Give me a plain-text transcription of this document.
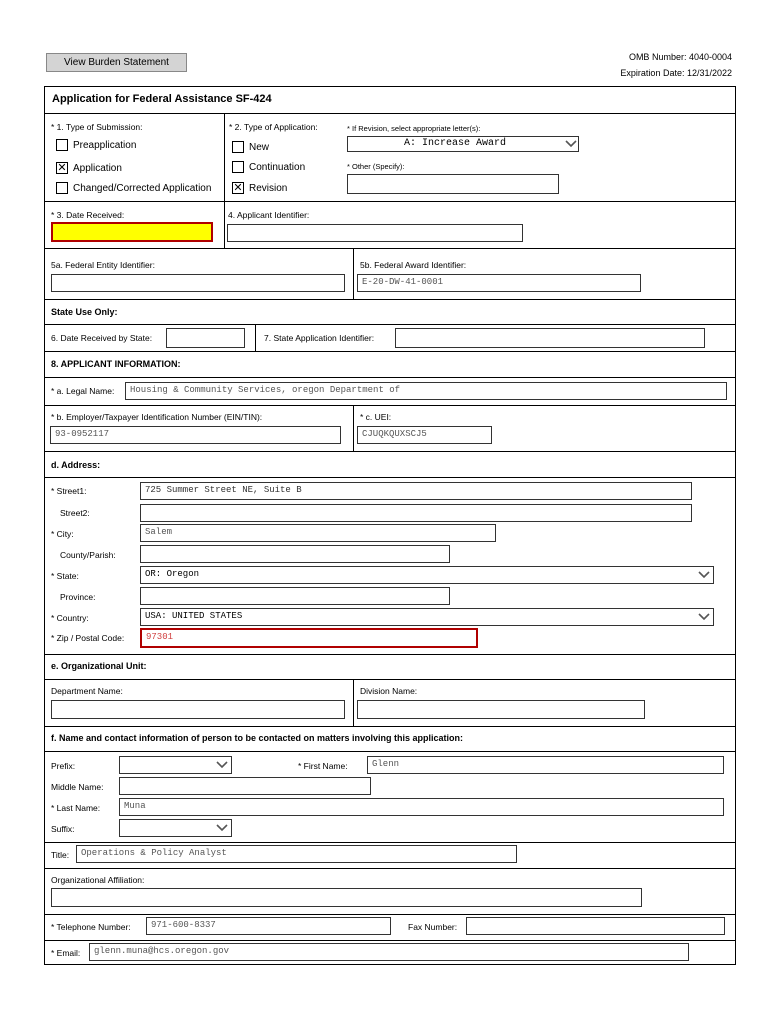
View Burden Statement	OMB Number: 4040-0004
Expiration Date: 12/31/2022
Application for Federal Assistance SF-424
* 1. Type of Submission:
Preapplication
✕ Application
Changed/Corrected Application
* 2. Type of Application:
New
Continuation
✕ Revision
* If Revision, select appropriate letter(s):
A: Increase Award
* Other (Specify):
* 3. Date Received:	4. Applicant Identifier:
5a. Federal Entity Identifier:	5b. Federal Award Identifier:
E-20-DW-41-0001
State Use Only:
6. Date Received by State:	7. State Application Identifier:
8. APPLICANT INFORMATION:
* a. Legal Name:	Housing & Community Services, oregon Department of
* b. Employer/Taxpayer Identification Number (EIN/TIN):
93-0952117
* c. UEI:
CJUQKQUXSCJ5
d. Address:
* Street1:	725 Summer Street NE, Suite B
Street2:
* City:	Salem
County/Parish:
* State:	OR: Oregon
Province:
* Country:	USA: UNITED STATES
* Zip / Postal Code:	97301
e. Organizational Unit:
Department Name:	Division Name:
f. Name and contact information of person to be contacted on matters involving this application:
Prefix:	* First Name:	Glenn
Middle Name:
* Last Name:	Muna
Suffix:
Title:	Operations & Policy Analyst
Organizational Affiliation:
* Telephone Number:	971-600-8337	Fax Number:
* Email:	glenn.muna@hcs.oregon.gov
